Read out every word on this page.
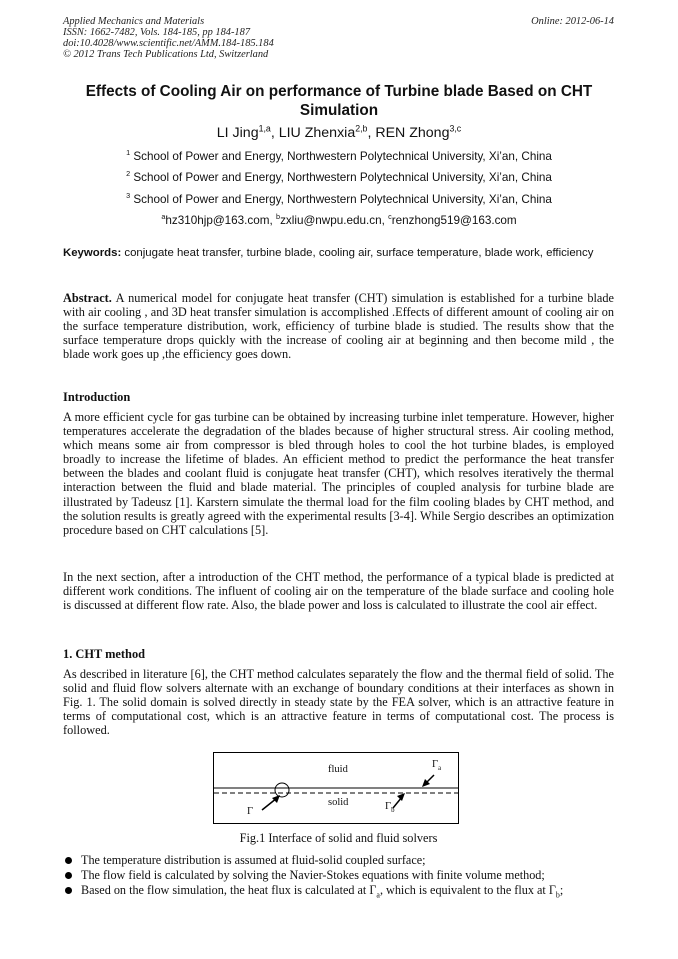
Applied Mechanics and Materials
ISSN: 1662-7482, Vols. 184-185, pp 184-187
doi:10.4028/www.scientific.net/AMM.184-185.184
© 2012 Trans Tech Publications Ltd, Switzerland
Online: 2012-06-14
Effects of Cooling Air on performance of Turbine blade Based on CHT Simulation
LI Jing$^{1,a}$, LIU Zhenxia$^{2,b}$, REN Zhong$^{3,c}$
$^1$ School of Power and Energy, Northwestern Polytechnical University, Xi’an, China
$^2$ School of Power and Energy, Northwestern Polytechnical University, Xi’an, China
$^3$ School of Power and Energy, Northwestern Polytechnical University, Xi’an, China
$^a$hz310hjp@163.com, $^b$zxliu@nwpu.edu.cn, $^c$renzhong519@163.com
Keywords: conjugate heat transfer, turbine blade, cooling air, surface temperature, blade work, efficiency
Abstract. A numerical model for conjugate heat transfer (CHT) simulation is established for a turbine blade with air cooling , and 3D heat transfer simulation is accomplished .Effects of different amount of cooling air on the surface temperature distribution, work, efficiency of turbine blade is studied. The results show that the surface temperature drops quickly with the increase of cooling air at beginning and then become mild , the blade work goes up ,the efficiency goes down.
Introduction
A more efficient cycle for gas turbine can be obtained by increasing turbine inlet temperature. However, higher temperatures accelerate the degradation of the blades because of higher structural stress. Air cooling method, which means some air from compressor is bled through holes to cool the hot turbine blades, is employed broadly to increase the lifetime of blades. An efficient method to predict the performance the heat transfer between the blades and coolant fluid is conjugate heat transfer (CHT), which resolves iteratively the thermal interaction between the fluid and blade material. The principles of coupled analysis for turbine blade are illustrated by Tadeusz [1]. Karstern simulate the thermal load for the film cooling blades by CHT method, and the solution results is greatly agreed with the experimental results [3-4]. While Sergio describes an optimization procedure based on CHT calculations [5].
In the next section, after a introduction of the CHT method, the performance of a typical blade is predicted at different work conditions. The influent of cooling air on the temperature of the blade surface and cooling hole is discussed at different flow rate. Also, the blade power and loss is calculated to illustrate the cool air effect.
1. CHT method
As described in literature [6], the CHT method calculates separately the flow and the thermal field of solid. The solid and fluid flow solvers alternate with an exchange of boundary conditions at their interfaces as shown in Fig. 1. The solid domain is solved directly in steady state by the FEA solver, which is an attractive feature in terms of computational cost, which is an attractive feature in terms of computational cost. The process is followed.
fluid
solid
$\Gamma_a$
$\Gamma_b$
Γ
Fig.1 Interface of solid and fluid solvers
The temperature distribution is assumed at fluid-solid coupled surface;
The flow field is calculated by solving the Navier-Stokes equations with finite volume method;
Based on the flow simulation, the heat flux is calculated at $\Gamma_a$, which is equivalent to the flux at $\Gamma_b$;
